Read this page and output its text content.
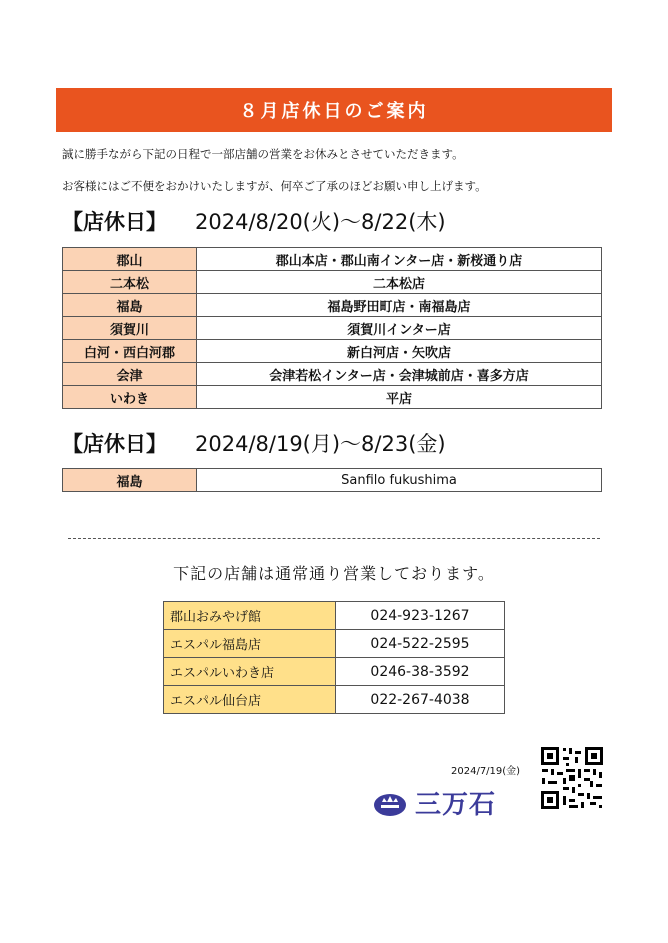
８月店休日のご案内
誠に勝手ながら下記の日程で一部店舗の営業をお休みとさせていただきます。
お客様にはご不便をおかけいたしますが、何卒ご了承のほどお願い申し上げます。
【店休日】 2024/8/20(火)～8/22(木)
郡山	郡山本店・郡山南インター店・新桜通り店
二本松	二本松店
福島	福島野田町店・南福島店
須賀川	須賀川インター店
白河・西白河郡	新白河店・矢吹店
会津	会津若松インター店・会津城前店・喜多方店
いわき	平店
【店休日】 2024/8/19(月)～8/23(金)
福島	Sanfilo fukushima
下記の店舗は通常通り営業しております。
郡山おみやげ館	024-923-1267
エスパル福島店	024-522-2595
エスパルいわき店	0246-38-3592
エスパル仙台店	022-267-4038
2024/7/19(金)
三万石
